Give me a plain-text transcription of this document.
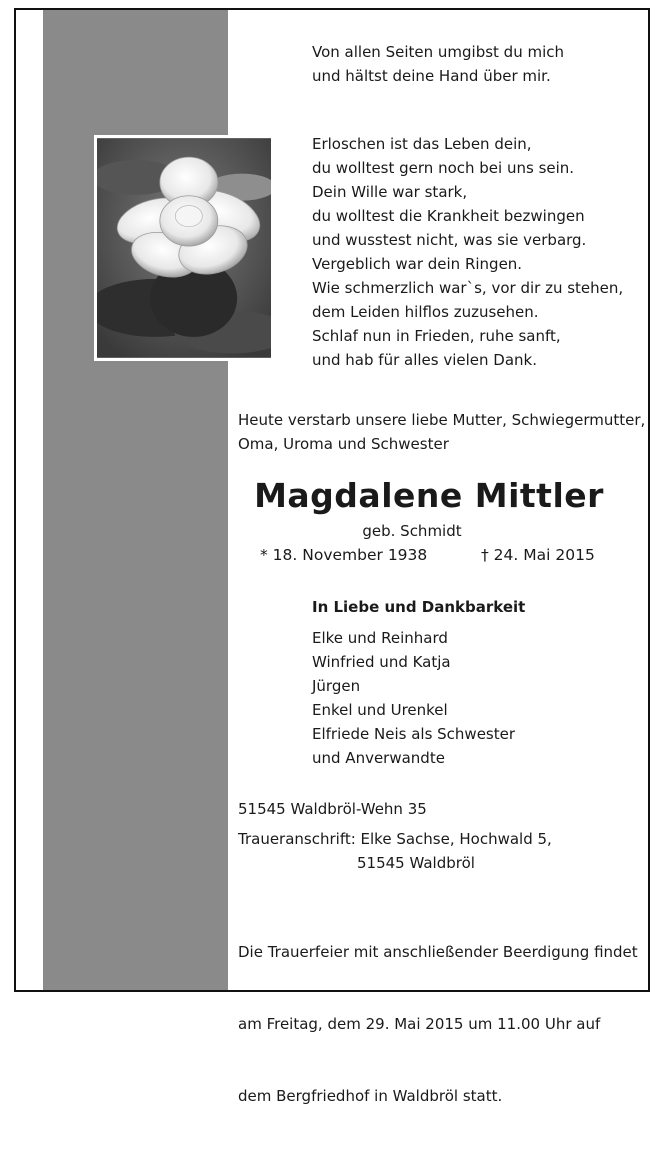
Von allen Seiten umgibst du mich
und hältst deine Hand über mir.
Erloschen ist das Leben dein,
du wolltest gern noch bei uns sein.
Dein Wille war stark,
du wolltest die Krankheit bezwingen
und wusstest nicht, was sie verbarg.
Vergeblich war dein Ringen.
Wie schmerzlich war`s, vor dir zu stehen,
dem Leiden hilflos zuzusehen.
Schlaf nun in Frieden, ruhe sanft,
und hab für alles vielen Dank.
Heute verstarb unsere liebe Mutter, Schwiegermutter,
Oma, Uroma und Schwester
Magdalene Mittler
geb. Schmidt
* 18. November 1938	† 24. Mai 2015
In Liebe und Dankbarkeit
Elke und Reinhard
Winfried und Katja
Jürgen
Enkel und Urenkel
Elfriede Neis als Schwester
und Anverwandte
51545 Waldbröl-Wehn 35
Traueranschrift: Elke Sachse, Hochwald 5,
51545 Waldbröl

Die Trauerfeier mit anschließender Beerdigung findet

am Freitag, dem 29. Mai 2015 um 11.00 Uhr auf

dem Bergfriedhof in Waldbröl statt.
